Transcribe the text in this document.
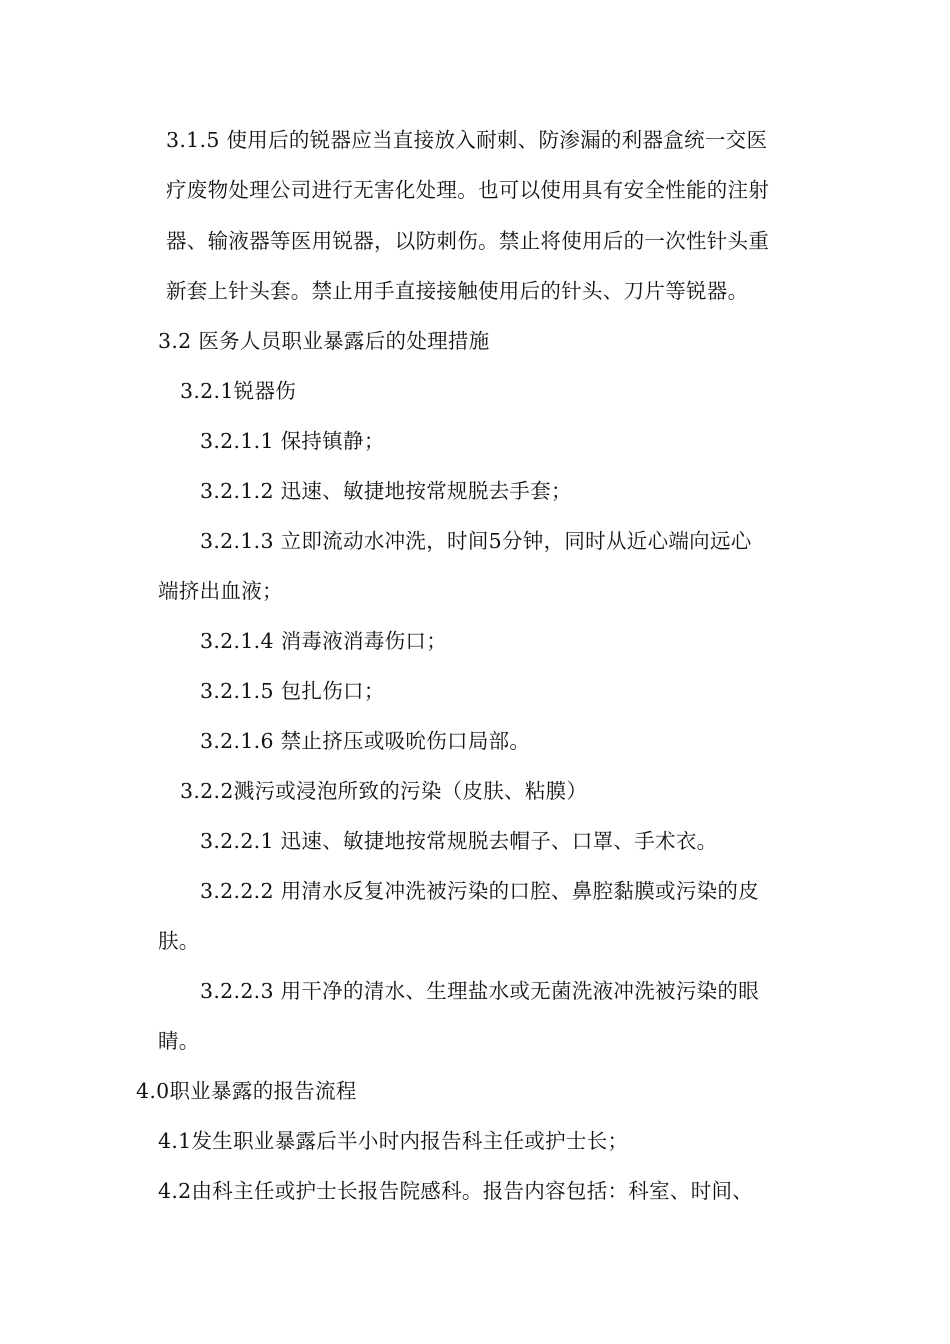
3.1.5 使用后的锐器应当直接放入耐刺、防渗漏的利器盒统一交医
疗废物处理公司进行无害化处理。也可以使用具有安全性能的注射
器、输液器等医用锐器，以防刺伤。禁止将使用后的一次性针头重
新套上针头套。禁止用手直接接触使用后的针头、刀片等锐器。
3.2 医务人员职业暴露后的处理措施
3.2.1锐器伤
3.2.1.1 保持镇静；
3.2.1.2 迅速、敏捷地按常规脱去手套；
3.2.1.3 立即流动水冲洗，时间5分钟，同时从近心端向远心
端挤出血液；
3.2.1.4 消毒液消毒伤口；
3.2.1.5 包扎伤口；
3.2.1.6 禁止挤压或吸吮伤口局部。
3.2.2溅污或浸泡所致的污染（皮肤、粘膜）
3.2.2.1 迅速、敏捷地按常规脱去帽子、口罩、手术衣。
3.2.2.2 用清水反复冲洗被污染的口腔、鼻腔黏膜或污染的皮
肤。
3.2.2.3 用干净的清水、生理盐水或无菌洗液冲洗被污染的眼
睛。
4.0职业暴露的报告流程
4.1发生职业暴露后半小时内报告科主任或护士长；
4.2由科主任或护士长报告院感科。报告内容包括：科室、时间、
